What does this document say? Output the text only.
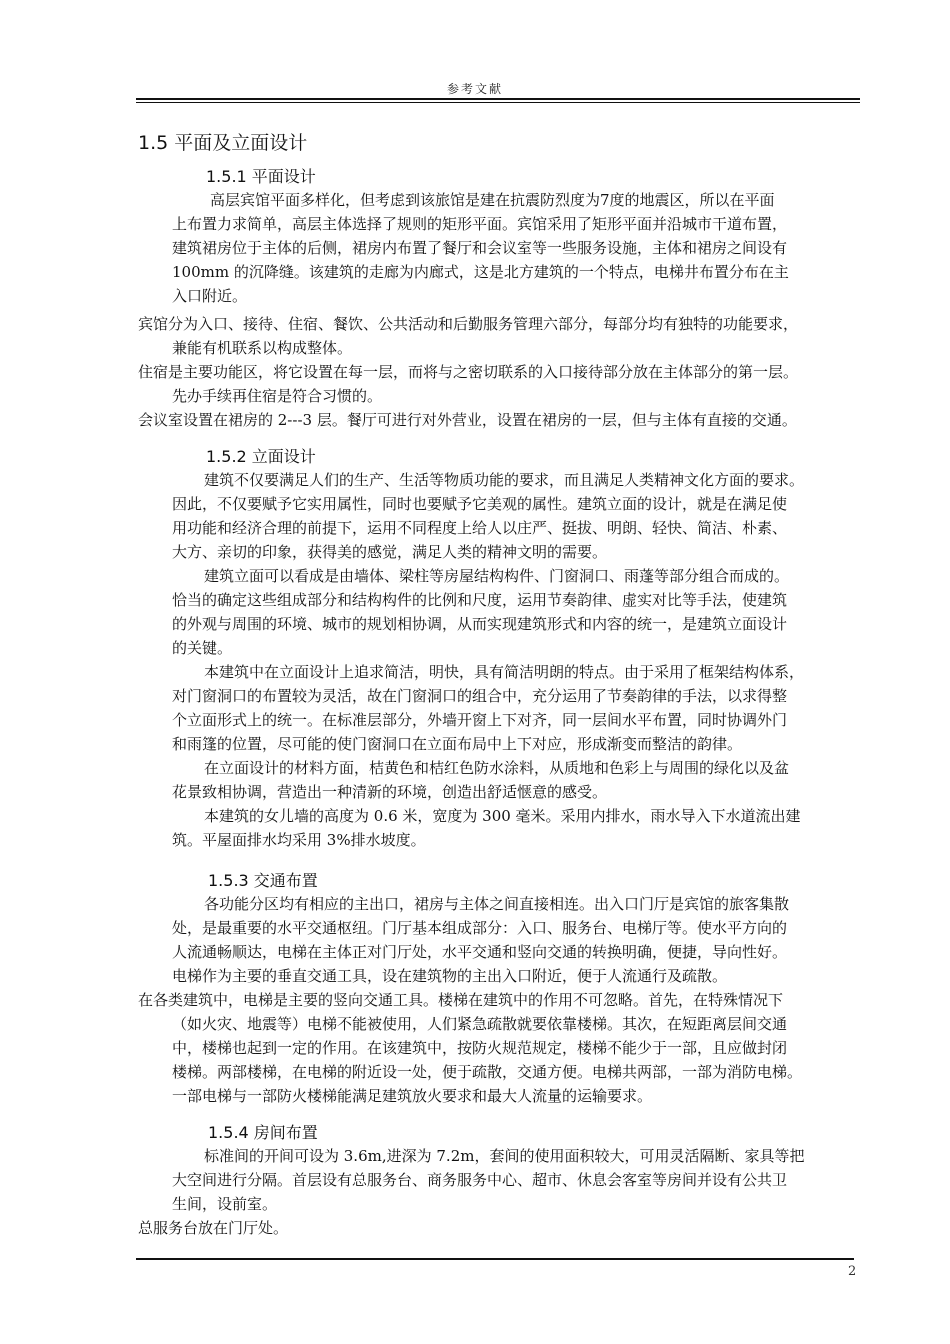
参考文献
1.5 平面及立面设计
1.5.1 平面设计
高层宾馆平面多样化，但考虑到该旅馆是建在抗震防烈度为7度的地震区，所以在平面
上布置力求简单，高层主体选择了规则的矩形平面。宾馆采用了矩形平面并沿城市干道布置，
建筑裙房位于主体的后侧，裙房内布置了餐厅和会议室等一些服务设施，主体和裙房之间设有
100mm 的沉降缝。该建筑的走廊为内廊式，这是北方建筑的一个特点，电梯井布置分布在主
入口附近。
宾馆分为入口、接待、住宿、餐饮、公共活动和后勤服务管理六部分，每部分均有独特的功能要求，
兼能有机联系以构成整体。
住宿是主要功能区，将它设置在每一层，而将与之密切联系的入口接待部分放在主体部分的第一层。
先办手续再住宿是符合习惯的。
会议室设置在裙房的 2---3 层。餐厅可进行对外营业，设置在裙房的一层，但与主体有直接的交通。
1.5.2 立面设计
建筑不仅要满足人们的生产、生活等物质功能的要求，而且满足人类精神文化方面的要求。
因此，不仅要赋予它实用属性，同时也要赋予它美观的属性。建筑立面的设计，就是在满足使
用功能和经济合理的前提下，运用不同程度上给人以庄严、挺拔、明朗、轻快、简洁、朴素、
大方、亲切的印象，获得美的感觉，满足人类的精神文明的需要。
建筑立面可以看成是由墙体、梁柱等房屋结构构件、门窗洞口、雨蓬等部分组合而成的。
恰当的确定这些组成部分和结构构件的比例和尺度，运用节奏韵律、虚实对比等手法，使建筑
的外观与周围的环境、城市的规划相协调，从而实现建筑形式和内容的统一，是建筑立面设计
的关键。
本建筑中在立面设计上追求简洁，明快，具有简洁明朗的特点。由于采用了框架结构体系，
对门窗洞口的布置较为灵活，故在门窗洞口的组合中，充分运用了节奏韵律的手法，以求得整
个立面形式上的统一。在标准层部分，外墙开窗上下对齐，同一层间水平布置，同时协调外门
和雨篷的位置，尽可能的使门窗洞口在立面布局中上下对应，形成渐变而整洁的韵律。
在立面设计的材料方面，桔黄色和桔红色防水涂料，从质地和色彩上与周围的绿化以及盆
花景致相协调，营造出一种清新的环境，创造出舒适惬意的感受。
本建筑的女儿墙的高度为 0.6 米，宽度为 300 毫米。采用内排水，雨水导入下水道流出建
筑。平屋面排水均采用 3%排水坡度。
1.5.3 交通布置
各功能分区均有相应的主出口，裙房与主体之间直接相连。出入口门厅是宾馆的旅客集散
处，是最重要的水平交通枢纽。门厅基本组成部分：入口、服务台、电梯厅等。使水平方向的
人流通畅顺达，电梯在主体正对门厅处，水平交通和竖向交通的转换明确，便捷，导向性好。
电梯作为主要的垂直交通工具，设在建筑物的主出入口附近，便于人流通行及疏散。
在各类建筑中，电梯是主要的竖向交通工具。楼梯在建筑中的作用不可忽略。首先，在特殊情况下
（如火灾、地震等）电梯不能被使用，人们紧急疏散就要依靠楼梯。其次，在短距离层间交通
中，楼梯也起到一定的作用。在该建筑中，按防火规范规定，楼梯不能少于一部，且应做封闭
楼梯。两部楼梯，在电梯的附近设一处，便于疏散，交通方便。电梯共两部，一部为消防电梯。
一部电梯与一部防火楼梯能满足建筑放火要求和最大人流量的运输要求。
1.5.4 房间布置
标准间的开间可设为 3.6m,进深为 7.2m，套间的使用面积较大，可用灵活隔断、家具等把
大空间进行分隔。首层设有总服务台、商务服务中心、超市、休息会客室等房间并设有公共卫
生间，设前室。
总服务台放在门厅处。
2
